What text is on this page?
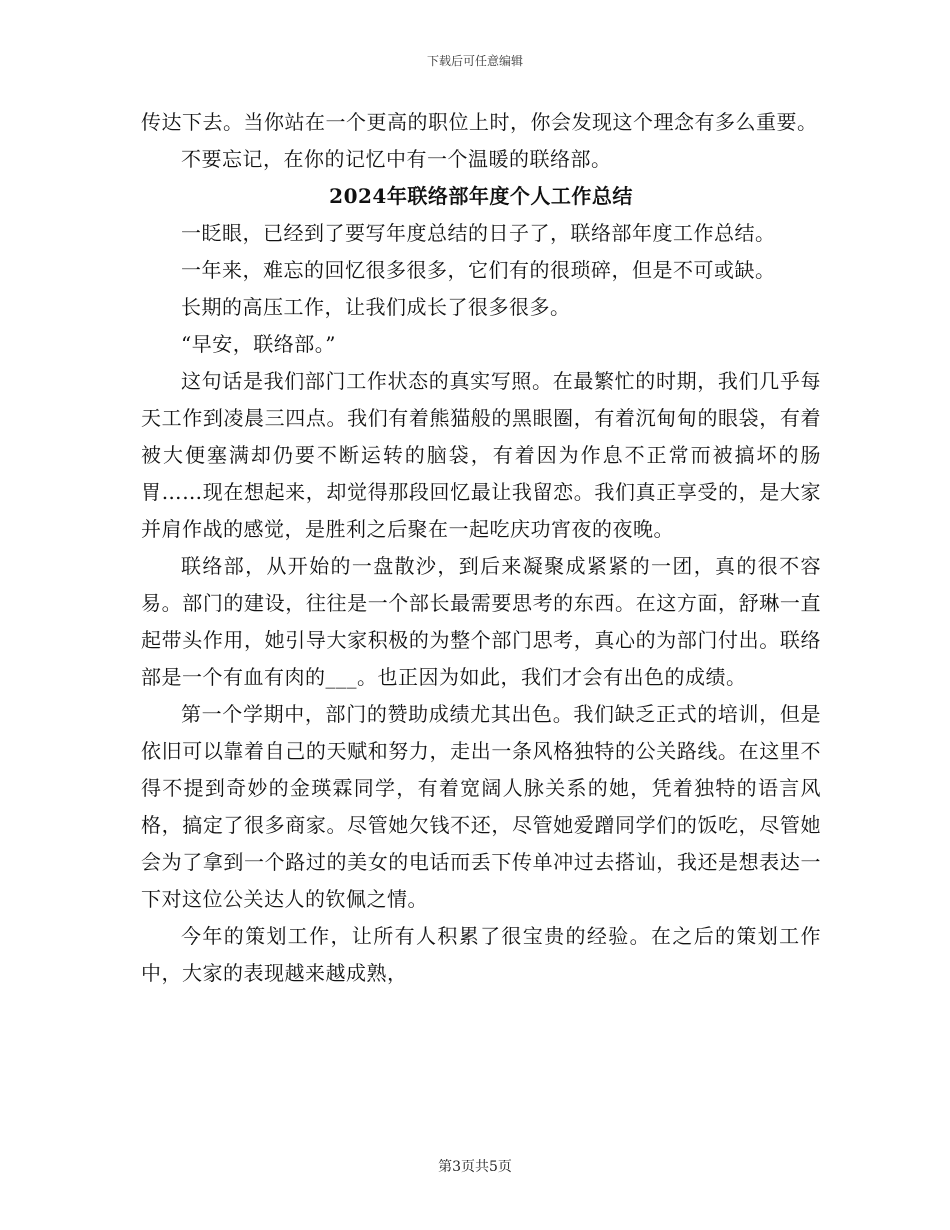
下载后可任意编辑

传达下去。当你站在一个更高的职位上时，你会发现这个理念有多么重要。

不要忘记，在你的记忆中有一个温暖的联络部。

2024年联络部年度个人工作总结

一眨眼，已经到了要写年度总结的日子了，联络部年度工作总结。

一年来，难忘的回忆很多很多，它们有的很琐碎，但是不可或缺。

长期的高压工作，让我们成长了很多很多。

“早安，联络部。”

这句话是我们部门工作状态的真实写照。在最繁忙的时期，我们几乎每天工作到凌晨三四点。我们有着熊猫般的黑眼圈，有着沉甸甸的眼袋，有着被大便塞满却仍要不断运转的脑袋，有着因为作息不正常而被搞坏的肠胃……现在想起来，却觉得那段回忆最让我留恋。我们真正享受的，是大家并肩作战的感觉，是胜利之后聚在一起吃庆功宵夜的夜晚。

联络部，从开始的一盘散沙，到后来凝聚成紧紧的一团，真的很不容易。部门的建设，往往是一个部长最需要思考的东西。在这方面，舒琳一直起带头作用，她引导大家积极的为整个部门思考，真心的为部门付出。联络部是一个有血有肉的___。也正因为如此，我们才会有出色的成绩。

第一个学期中，部门的赞助成绩尤其出色。我们缺乏正式的培训，但是依旧可以靠着自己的天赋和努力，走出一条风格独特的公关路线。在这里不得不提到奇妙的金瑛霖同学，有着宽阔人脉关系的她，凭着独特的语言风格，搞定了很多商家。尽管她欠钱不还，尽管她爱蹭同学们的饭吃，尽管她会为了拿到一个路过的美女的电话而丢下传单冲过去搭讪，我还是想表达一下对这位公关达人的钦佩之情。

今年的策划工作，让所有人积累了很宝贵的经验。在之后的策划工作中，大家的表现越来越成熟，

第3页共5页
